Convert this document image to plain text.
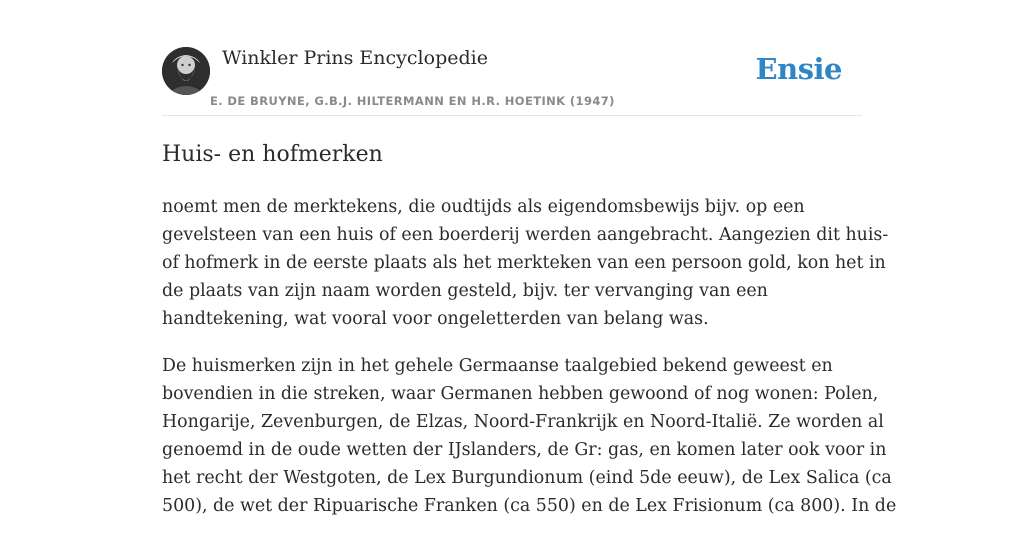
Winkler Prins Encyclopedie
E. DE BRUYNE, G.B.J. HILTERMANN EN H.R. HOETINK (1947)
Ensie
Huis- en hofmerken

noemt men de merktekens, die oudtijds als eigendomsbewijs bijv. op een
gevelsteen van een huis of een boerderij werden aangebracht. Aangezien dit huis-
of hofmerk in de eerste plaats als het merkteken van een persoon gold, kon het in
de plaats van zijn naam worden gesteld, bijv. ter vervanging van een
handtekening, wat vooral voor ongeletterden van belang was.

De huismerken zijn in het gehele Germaanse taalgebied bekend geweest en
bovendien in die streken, waar Germanen hebben gewoond of nog wonen: Polen,
Hongarije, Zevenburgen, de Elzas, Noord-Frankrijk en Noord-Italië. Ze worden al
genoemd in de oude wetten der IJslanders, de Gr: gas, en komen later ook voor in
het recht der Westgoten, de Lex Burgundionum (eind 5de eeuw), de Lex Salica (ca
500), de wet der Ripuarische Franken (ca 550) en de Lex Frisionum (ca 800). In de
